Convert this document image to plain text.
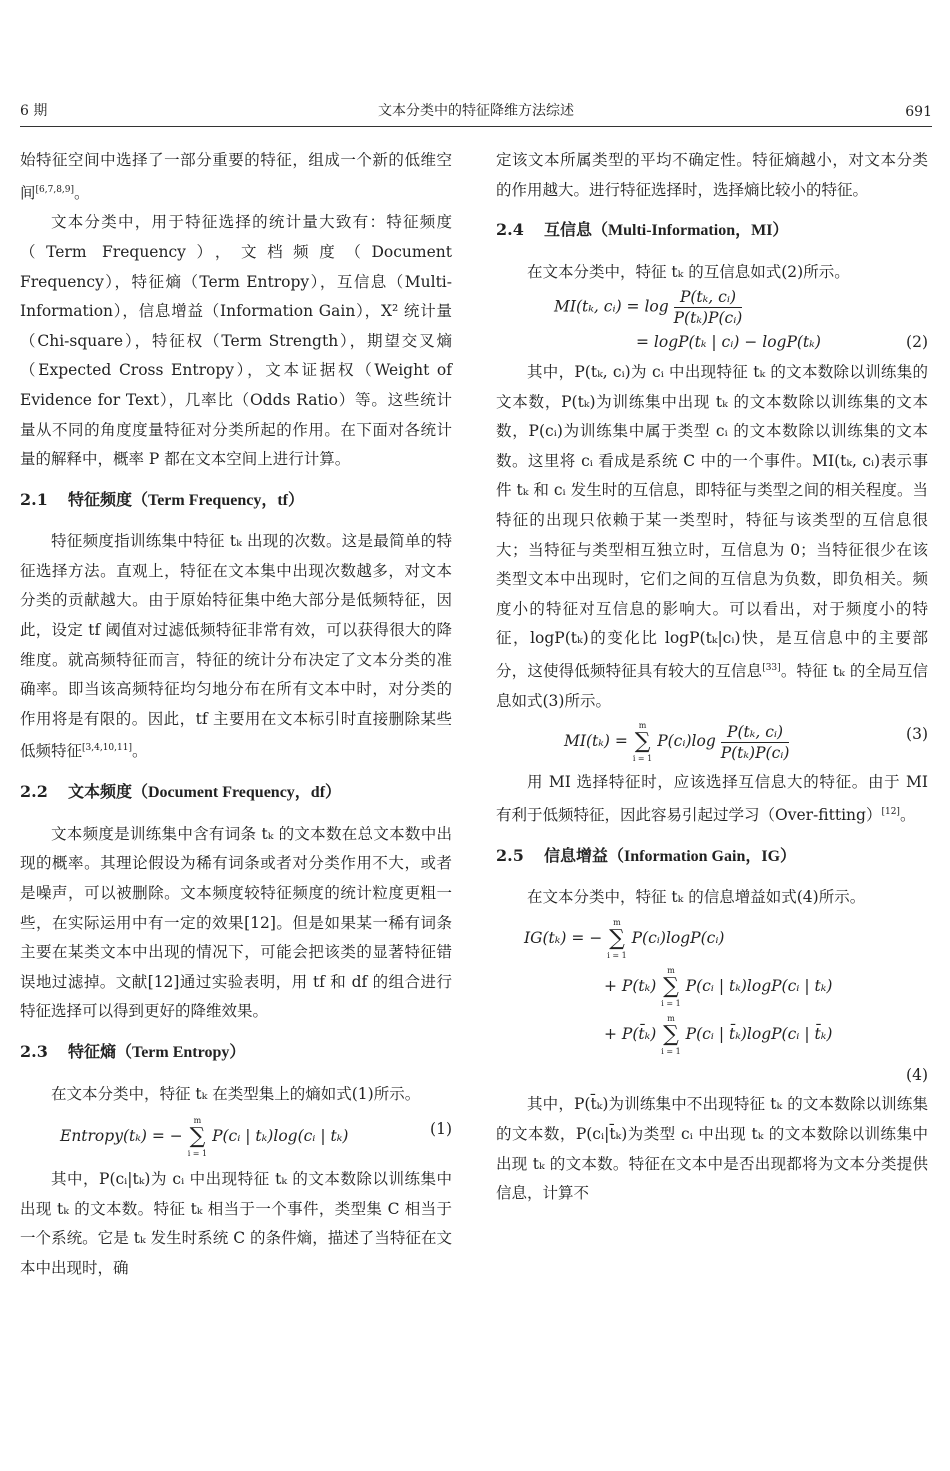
6 期	文本分类中的特征降维方法综述	691

始特征空间中选择了一部分重要的特征，组成一个新的低维空间[6,7,8,9]。

文本分类中，用于特征选择的统计量大致有：特征频度（Term Frequency），文档频度（Document Frequency），特征熵（Term Entropy），互信息（Multi-Information），信息增益（Information Gain），X² 统计量（Chi-square），特征权（Term Strength），期望交叉熵（Expected Cross Entropy），文本证据权（Weight of Evidence for Text），几率比（Odds Ratio）等。这些统计量从不同的角度度量特征对分类所起的作用。在下面对各统计量的解释中，概率 P 都在文本空间上进行计算。

2.1 特征频度（Term Frequency，tf）

特征频度指训练集中特征 tₖ 出现的次数。这是最简单的特征选择方法。直观上，特征在文本集中出现次数越多，对文本分类的贡献越大。由于原始特征集中绝大部分是低频特征，因此，设定 tf 阈值对过滤低频特征非常有效，可以获得很大的降维度。就高频特征而言，特征的统计分布决定了文本分类的准确率。即当该高频特征均匀地分布在所有文本中时，对分类的作用将是有限的。因此，tf 主要用在文本标引时直接删除某些低频特征[3,4,10,11]。

2.2 文本频度（Document Frequency，df）

文本频度是训练集中含有词条 tₖ 的文本数在总文本数中出现的概率。其理论假设为稀有词条或者对分类作用不大，或者是噪声，可以被删除。文本频度较特征频度的统计粒度更粗一些，在实际运用中有一定的效果[12]。但是如果某一稀有词条主要在某类文本中出现的情况下，可能会把该类的显著特征错误地过滤掉。文献[12]通过实验表明，用 tf 和 df 的组合进行特征选择可以得到更好的降维效果。

2.3 特征熵（Term Entropy）

在文本分类中，特征 tₖ 在类型集上的熵如式(1)所示。

Entropy(tₖ) = −
m
∑
i = 1
P(cᵢ | tₖ)log(cᵢ | tₖ)	(1)

其中，P(cᵢ|tₖ)为 cᵢ 中出现特征 tₖ 的文本数除以训练集中出现 tₖ 的文本数。特征 tₖ 相当于一个事件，类型集 C 相当于一个系统。它是 tₖ 发生时系统 C 的条件熵，描述了当特征在文本中出现时，确

定该文本所属类型的平均不确定性。特征熵越小，对文本分类的作用越大。进行特征选择时，选择熵比较小的特征。

2.4 互信息（Multi-Information，MI）

在文本分类中，特征 tₖ 的互信息如式(2)所示。

MI(tₖ, cᵢ) = $\log \frac{\text{P(tₖ, cᵢ)}}{\text{P(tₖ)P(cᵢ)}}$
= logP(tₖ | cᵢ) − logP(tₖ)	(2)

其中，P(tₖ, cᵢ)为 cᵢ 中出现特征 tₖ 的文本数除以训练集的文本数，P(tₖ)为训练集中出现 tₖ 的文本数除以训练集的文本数，P(cᵢ)为训练集中属于类型 cᵢ 的文本数除以训练集的文本数。这里将 cᵢ 看成是系统 C 中的一个事件。MI(tₖ, cᵢ)表示事件 tₖ 和 cᵢ 发生时的互信息，即特征与类型之间的相关程度。当特征的出现只依赖于某一类型时，特征与该类型的互信息很大；当特征与类型相互独立时，互信息为 0；当特征很少在该类型文本中出现时，它们之间的互信息为负数，即负相关。频度小的特征对互信息的影响大。可以看出，对于频度小的特征，logP(tₖ)的变化比 logP(tₖ|cᵢ)快，是互信息中的主要部分，这使得低频特征具有较大的互信息[33]。特征 tₖ 的全局互信息如式(3)所示。

MI(tₖ) =
m
∑
i = 1
P(cᵢ)log $\frac{\text{P(tₖ, cᵢ)}}{\text{P(tₖ)P(cᵢ)}}$	(3)

用 MI 选择特征时，应该选择互信息大的特征。由于 MI 有利于低频特征，因此容易引起过学习（Over-fitting）[12]。

2.5 信息增益（Information Gain，IG）

在文本分类中，特征 tₖ 的信息增益如式(4)所示。

IG(tₖ) = −
m
∑
i = 1
P(cᵢ)logP(cᵢ)
+ P(tₖ)
m
∑
i = 1
P(cᵢ | tₖ)logP(cᵢ | tₖ)
+ P(t̄ₖ)
m
∑
i = 1
P(cᵢ | t̄ₖ)logP(cᵢ | t̄ₖ)
(4)

其中，P(t̄ₖ)为训练集中不出现特征 tₖ 的文本数除以训练集的文本数，P(cᵢ|t̄ₖ)为类型 cᵢ 中出现 tₖ 的文本数除以训练集中出现 tₖ 的文本数。特征在文本中是否出现都将为文本分类提供信息，计算不
